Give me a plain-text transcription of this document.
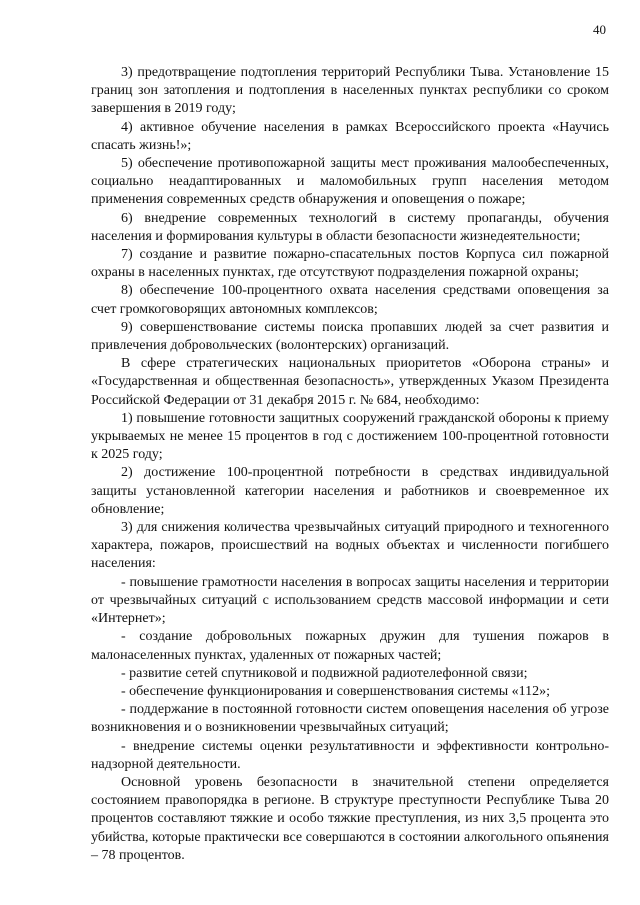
40

3) предотвращение подтопления территорий Республики Тыва. Установление 15 границ зон затопления и подтопления в населенных пунктах республики со сроком завершения в 2019 году;

4) активное обучение населения в рамках Всероссийского проекта «Научись спасать жизнь!»;

5) обеспечение противопожарной защиты мест проживания малообеспеченных, социально неадаптированных и маломобильных групп населения методом применения современных средств обнаружения и оповещения о пожаре;

6) внедрение современных технологий в систему пропаганды, обучения населения и формирования культуры в области безопасности жизнедеятельности;

7) создание и развитие пожарно-спасательных постов Корпуса сил пожарной охраны в населенных пунктах, где отсутствуют подразделения пожарной охраны;

8) обеспечение 100-процентного охвата населения средствами оповещения за счет громкоговорящих автономных комплексов;

9) совершенствование системы поиска пропавших людей за счет развития и привлечения добровольческих (волонтерских) организаций.

В сфере стратегических национальных приоритетов «Оборона страны» и «Государственная и общественная безопасность», утвержденных Указом Президента Российской Федерации от 31 декабря 2015 г. № 684, необходимо:

1) повышение готовности защитных сооружений гражданской обороны к приему укрываемых не менее 15 процентов в год с достижением 100-процентной готовности к 2025 году;

2) достижение 100-процентной потребности в средствах индивидуальной защиты установленной категории населения и работников и своевременное их обновление;

3) для снижения количества чрезвычайных ситуаций природного и техногенного характера, пожаров, происшествий на водных объектах и численности погибшего населения:

- повышение грамотности населения в вопросах защиты населения и территории от чрезвычайных ситуаций с использованием средств массовой информации и сети «Интернет»;

- создание добровольных пожарных дружин для тушения пожаров в малонаселенных пунктах, удаленных от пожарных частей;

- развитие сетей спутниковой и подвижной радиотелефонной связи;

- обеспечение функционирования и совершенствования системы «112»;

- поддержание в постоянной готовности систем оповещения населения об угрозе возникновения и о возникновении чрезвычайных ситуаций;

- внедрение системы оценки результативности и эффективности контрольно-надзорной деятельности.

Основной уровень безопасности в значительной степени определяется состоянием правопорядка в регионе. В структуре преступности Республике Тыва 20 процентов составляют тяжкие и особо тяжкие преступления, из них 3,5 процента это убийства, которые практически все совершаются в состоянии алкогольного опьянения – 78 процентов.
